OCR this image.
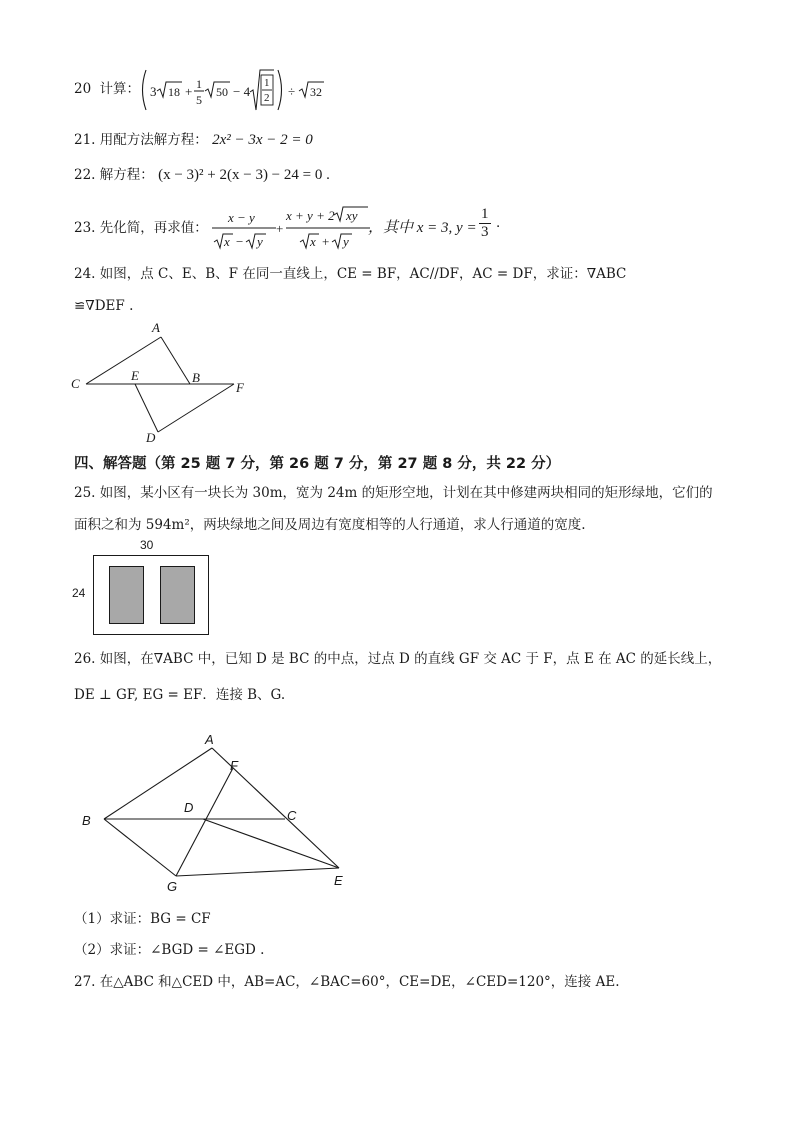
20 计算： 3 18 + 1
5
50 − 4
1
2 ÷ 32
21. 用配方法解方程： 2x² − 3x − 2 = 0
22. 解方程： (x − 3)² + 2(x − 3) − 24 = 0 .
23. 先化简，再求值：
x − y
x − y
+
x + y + 2 xy
x + y
，其中 x = 3, $y = \frac{1}{3}$ .
24. 如图，点 C、E、B、F 在同一直线上，CE = BF，AC//DF，AC = DF，求证：∇ABC
≌∇DEF .
A
C
E	B
F
D
四、解答题（第 25 题 7 分，第 26 题 7 分，第 27 题 8 分，共 22 分）
25. 如图，某小区有一块长为 30m，宽为 24m 的矩形空地，计划在其中修建两块相同的矩形绿地，它们的
面积之和为 594m²，两块绿地之间及周边有宽度相等的人行通道，求人行通道的宽度.
30
24
26. 如图，在∇ABC 中，已知 D 是 BC 的中点，过点 D 的直线 GF 交 AC 于 F，点 E 在 AC 的延长线上，
DE ⊥ GF, EG = EF．连接 B、G.
A
F
B
D
C
E
G
（1）求证：BG = CF
（2）求证：∠BGD = ∠EGD .
27. 在△ABC 和△CED 中，AB=AC，∠BAC=60°，CE=DE，∠CED=120°，连接 AE.
